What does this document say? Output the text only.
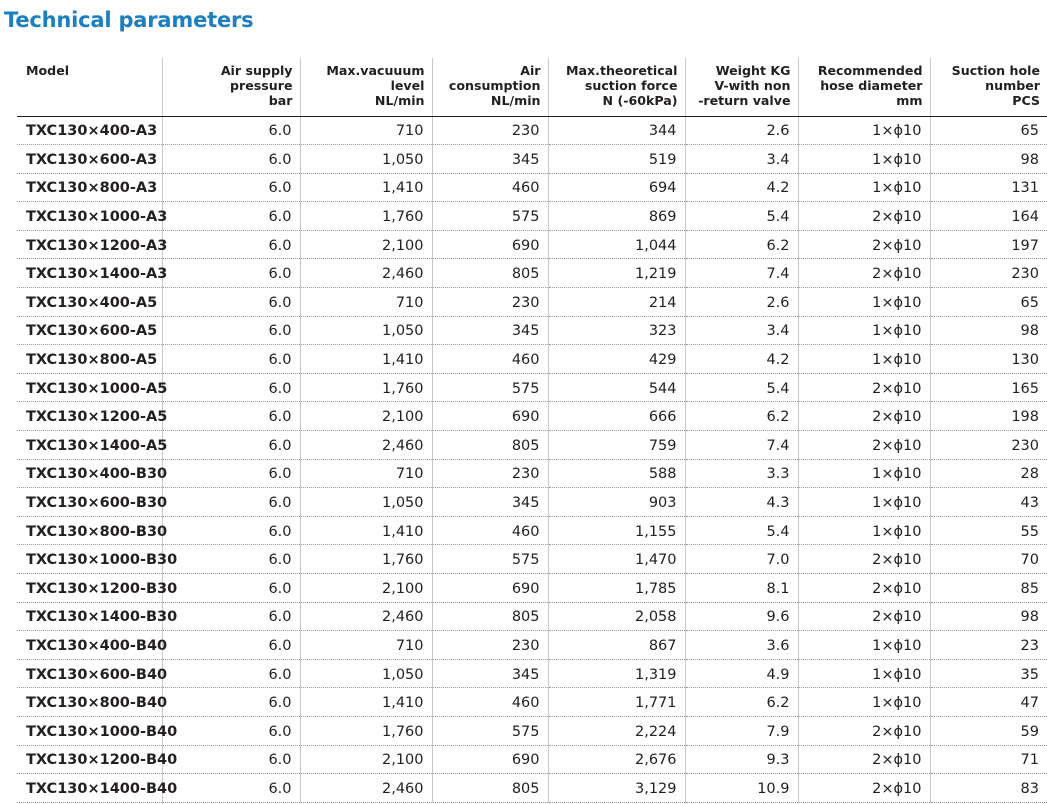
Technical parameters
Model	Air supply
pressure
bar	Max.vacuuum
level
NL/min	Air
consumption
NL/min	Max.theoretical
suction force
N (-60kPa)	Weight KG
V-with non
-return valve	Recommended
hose diameter
mm	Suction hole
number
PCS

TXC130×400-A3	6.0	710	230	344	2.6	1×ϕ10	65
TXC130×600-A3	6.0	1,050	345	519	3.4	1×ϕ10	98
TXC130×800-A3	6.0	1,410	460	694	4.2	1×ϕ10	131
TXC130×1000-A3	6.0	1,760	575	869	5.4	2×ϕ10	164
TXC130×1200-A3	6.0	2,100	690	1,044	6.2	2×ϕ10	197
TXC130×1400-A3	6.0	2,460	805	1,219	7.4	2×ϕ10	230
TXC130×400-A5	6.0	710	230	214	2.6	1×ϕ10	65
TXC130×600-A5	6.0	1,050	345	323	3.4	1×ϕ10	98
TXC130×800-A5	6.0	1,410	460	429	4.2	1×ϕ10	130
TXC130×1000-A5	6.0	1,760	575	544	5.4	2×ϕ10	165
TXC130×1200-A5	6.0	2,100	690	666	6.2	2×ϕ10	198
TXC130×1400-A5	6.0	2,460	805	759	7.4	2×ϕ10	230
TXC130×400-B30	6.0	710	230	588	3.3	1×ϕ10	28
TXC130×600-B30	6.0	1,050	345	903	4.3	1×ϕ10	43
TXC130×800-B30	6.0	1,410	460	1,155	5.4	1×ϕ10	55
TXC130×1000-B30	6.0	1,760	575	1,470	7.0	2×ϕ10	70
TXC130×1200-B30	6.0	2,100	690	1,785	8.1	2×ϕ10	85
TXC130×1400-B30	6.0	2,460	805	2,058	9.6	2×ϕ10	98
TXC130×400-B40	6.0	710	230	867	3.6	1×ϕ10	23
TXC130×600-B40	6.0	1,050	345	1,319	4.9	1×ϕ10	35
TXC130×800-B40	6.0	1,410	460	1,771	6.2	1×ϕ10	47
TXC130×1000-B40	6.0	1,760	575	2,224	7.9	2×ϕ10	59
TXC130×1200-B40	6.0	2,100	690	2,676	9.3	2×ϕ10	71
TXC130×1400-B40	6.0	2,460	805	3,129	10.9	2×ϕ10	83
